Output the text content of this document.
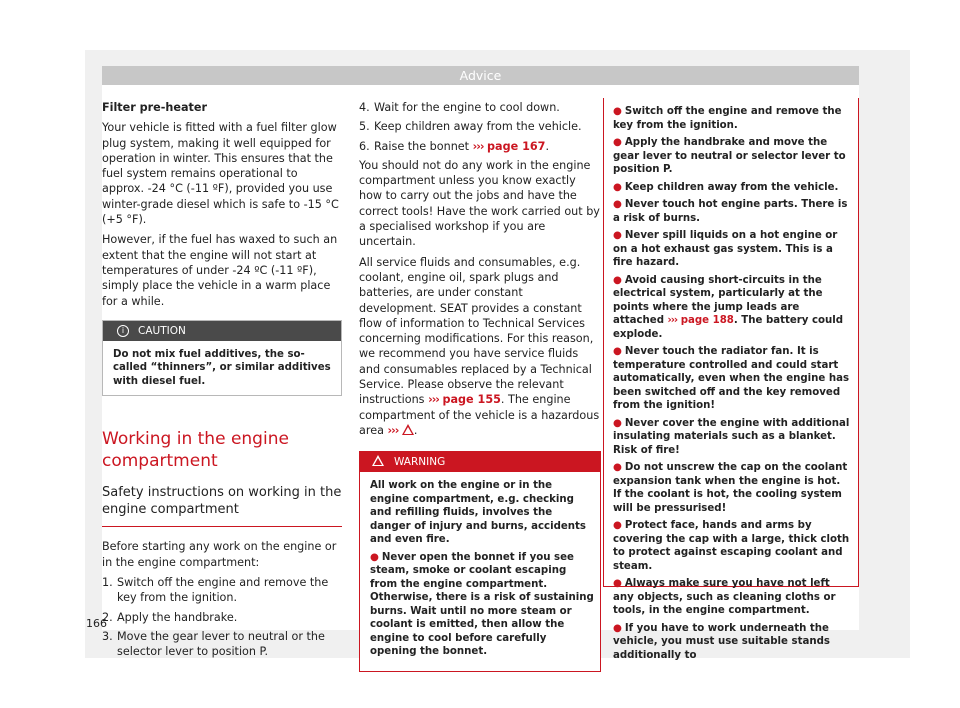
Advice

Filter pre-heater

Your vehicle is fitted with a fuel filter glow plug system, making it well equipped for operation in winter. This ensures that the fuel system remains operational to approx. -24 °C (-11 ºF), provided you use winter-grade diesel which is safe to -15 °C (+5 °F).

However, if the fuel has waxed to such an extent that the engine will not start at temperatures of under -24 ºC (-11 ºF), simply place the vehicle in a warm place for a while.

i CAUTION
Do not mix fuel additives, the so-called “thinners”, or similar additives with diesel fuel.
Working in the engine compartment
Safety instructions on working in the engine compartment

Before starting any work on the engine or in the engine compartment:

1. Switch off the engine and remove the key from the ignition.
2. Apply the handbrake.
3. Move the gear lever to neutral or the selector lever to position P.
4. Wait for the engine to cool down.
5. Keep children away from the vehicle.
6. Raise the bonnet ››› page 167.

You should not do any work in the engine compartment unless you know exactly how to carry out the jobs and have the correct tools! Have the work carried out by a specialised workshop if you are uncertain.

All service fluids and consumables, e.g. coolant, engine oil, spark plugs and batteries, are under constant development. SEAT provides a constant flow of information to Technical Services concerning modifications. For this reason, we recommend you have service fluids and consumables replaced by a Technical Service. Please observe the relevant instructions ››› page 155. The engine compartment of the vehicle is a hazardous area ››› .

WARNING

All work on the engine or in the engine compartment, e.g. checking and refilling fluids, involves the danger of injury and burns, accidents and even fire.

● Never open the bonnet if you see steam, smoke or coolant escaping from the engine compartment. Otherwise, there is a risk of sustaining burns. Wait until no more steam or coolant is emitted, then allow the engine to cool before carefully opening the bonnet.

● Switch off the engine and remove the key from the ignition.

● Apply the handbrake and move the gear lever to neutral or selector lever to position P.

● Keep children away from the vehicle.

● Never touch hot engine parts. There is a risk of burns.

● Never spill liquids on a hot engine or on a hot exhaust gas system. This is a fire hazard.

● Avoid causing short-circuits in the electrical system, particularly at the points where the jump leads are attached ››› page 188. The battery could explode.

● Never touch the radiator fan. It is temperature controlled and could start automatically, even when the engine has been switched off and the key removed from the ignition!

● Never cover the engine with additional insulating materials such as a blanket. Risk of fire!

● Do not unscrew the cap on the coolant expansion tank when the engine is hot. If the coolant is hot, the cooling system will be pressurised!

● Protect face, hands and arms by covering the cap with a large, thick cloth to protect against escaping coolant and steam.

● Always make sure you have not left any objects, such as cleaning cloths or tools, in the engine compartment.

● If you have to work underneath the vehicle, you must use suitable stands additionally to

166
